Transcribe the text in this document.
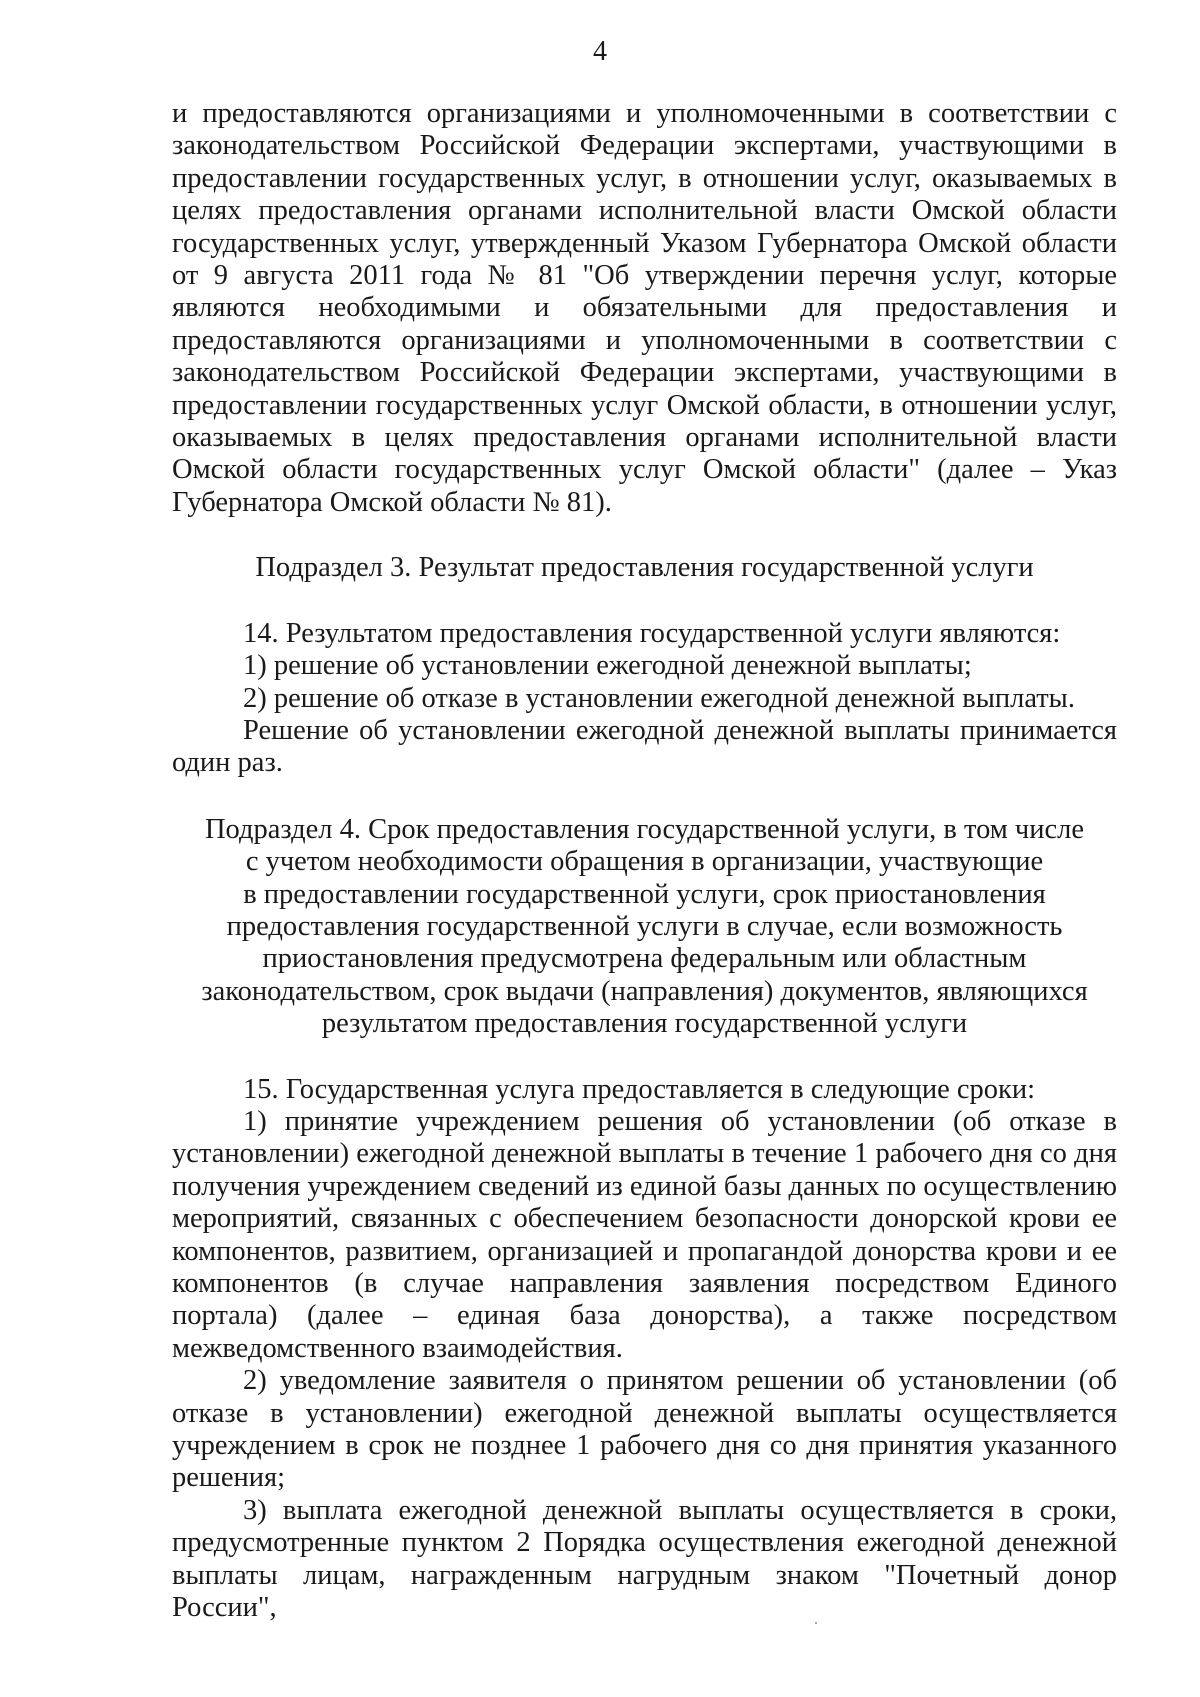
4

и предоставляются организациями и уполномоченными в соответствии с законодательством Российской Федерации экспертами, участвующими в предоставлении государственных услуг, в отношении услуг, оказываемых в целях предоставления органами исполнительной власти Омской области государственных услуг, утвержденный Указом Губернатора Омской области от 9 августа 2011 года № 81 "Об утверждении перечня услуг, которые являются необходимыми и обязательными для предоставления и предоставляются организациями и уполномоченными в соответствии с законодательством Российской Федерации экспертами, участвующими в предоставлении государственных услуг Омской области, в отношении услуг, оказываемых в целях предоставления органами исполнительной власти Омской области государственных услуг Омской области" (далее – Указ Губернатора Омской области № 81).

Подраздел 3. Результат предоставления государственной услуги

14. Результатом предоставления государственной услуги являются:

1) решение об установлении ежегодной денежной выплаты;

2) решение об отказе в установлении ежегодной денежной выплаты.

Решение об установлении ежегодной денежной выплаты принимается один раз.

Подраздел 4. Срок предоставления государственной услуги, в том числе
с учетом необходимости обращения в организации, участвующие
в предоставлении государственной услуги, срок приостановления
предоставления государственной услуги в случае, если возможность
приостановления предусмотрена федеральным или областным
законодательством, срок выдачи (направления) документов, являющихся
результатом предоставления государственной услуги

15. Государственная услуга предоставляется в следующие сроки:

1) принятие учреждением решения об установлении (об отказе в установлении) ежегодной денежной выплаты в течение 1 рабочего дня со дня получения учреждением сведений из единой базы данных по осуществлению мероприятий, связанных с обеспечением безопасности донорской крови ее компонентов, развитием, организацией и пропагандой донорства крови и ее компонентов (в случае направления заявления посредством Единого портала) (далее – единая база донорства), а также посредством межведомственного взаимодействия.

2) уведомление заявителя о принятом решении об установлении (об отказе в установлении) ежегодной денежной выплаты осуществляется учреждением в срок не позднее 1 рабочего дня со дня принятия указанного решения;

3) выплата ежегодной денежной выплаты осуществляется в сроки, предусмотренные пунктом 2 Порядка осуществления ежегодной денежной выплаты лицам, награжденным нагрудным знаком "Почетный донор России",
